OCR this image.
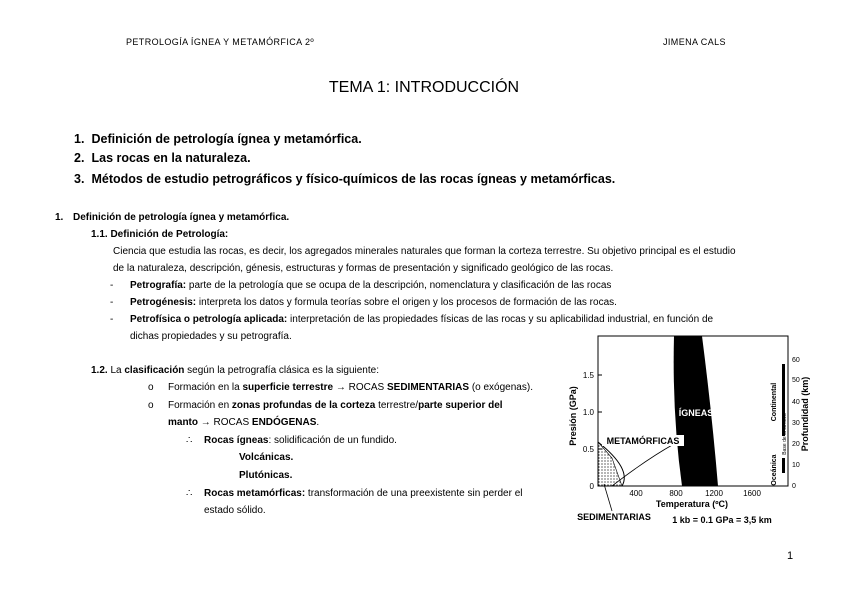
PETROLOGÍA ÍGNEA Y METAMÓRFICA 2º	JIMENA CALS
TEMA 1: INTRODUCCIÓN
1. Definición de petrología ígnea y metamórfica.
2. Las rocas en la naturaleza.
3. Métodos de estudio petrográficos y físico-químicos de las rocas ígneas y metamórficas.
1. Definición de petrología ígnea y metamórfica.
1.1. Definición de Petrología:
Ciencia que estudia las rocas, es decir, los agregados minerales naturales que forman la corteza terrestre. Su objetivo principal es el estudio
de la naturaleza, descripción, génesis, estructuras y formas de presentación y significado geológico de las rocas.
- Petrografía: parte de la petrología que se ocupa de la descripción, nomenclatura y clasificación de las rocas
- Petrogénesis: interpreta los datos y formula teorías sobre el origen y los procesos de formación de las rocas.
- Petrofísica o petrología aplicada: interpretación de las propiedades físicas de las rocas y su aplicabilidad industrial, en función de
dichas propiedades y su petrografía.
1.2. La clasificación según la petrografía clásica es la siguiente:
o Formación en la superficie terrestre → ROCAS SEDIMENTARIAS (o exógenas).
o Formación en zonas profundas de la corteza terrestre/parte superior del
manto → ROCAS ENDÓGENAS.
∴ Rocas ígneas: solidificación de un fundido.
Volcánicas.
Plutónicas.
∴ Rocas metamórficas: transformación de una preexistente sin perder el
estado sólido.
1.5
1.0
0.5
0
60
50
40
30
20
10
0
400	800	1200	1600
Presión (GPa)	Profundidad (km)
Temperatura (ºC)
ÍGNEAS
METAMÓRFICAS
SEDIMENTARIAS
Continental
Oceánica
Base de la corteza
1 kb = 0.1 GPa = 3,5 km
1
